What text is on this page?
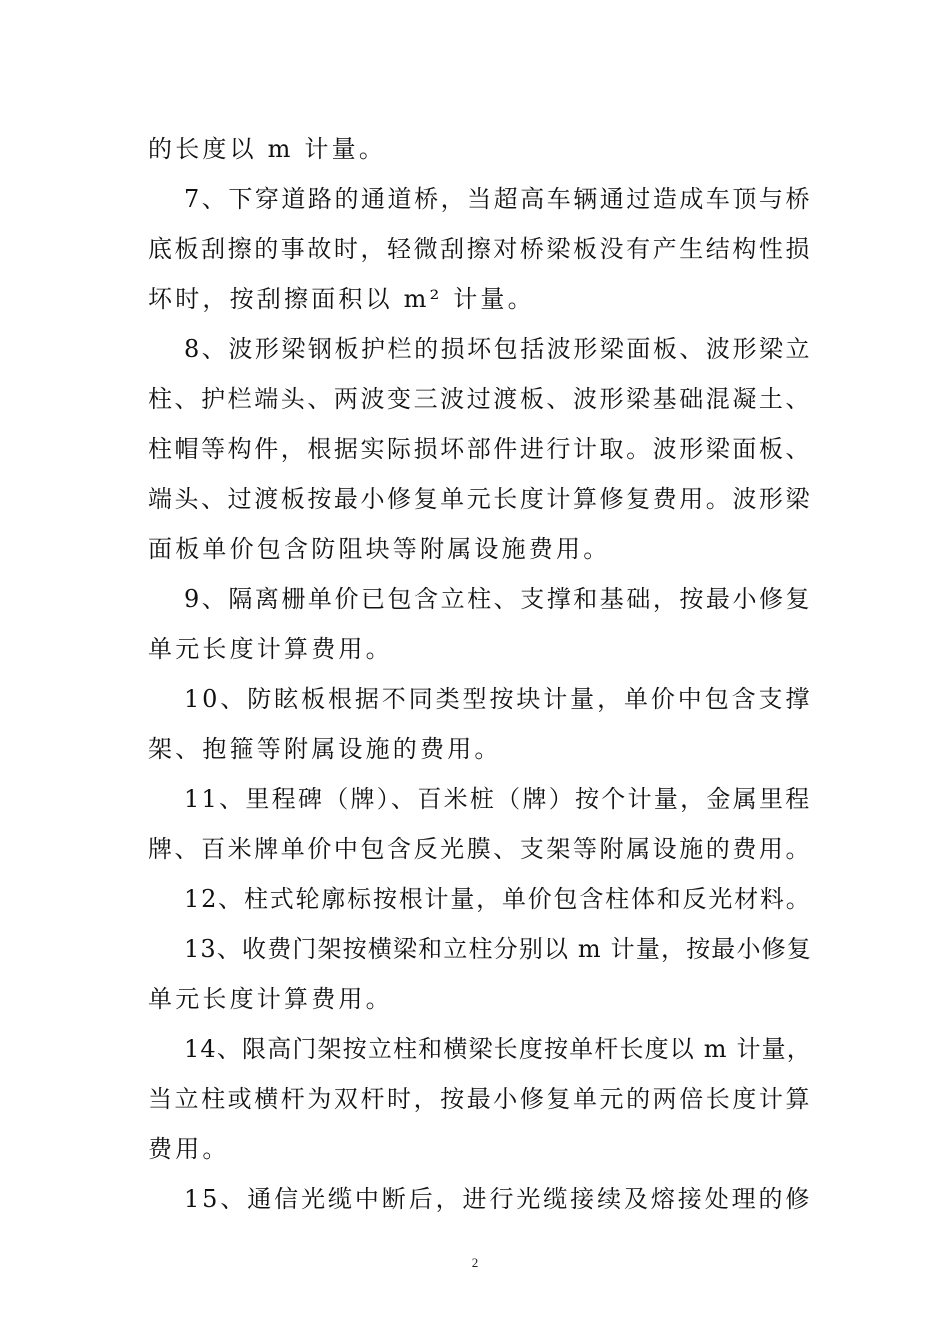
的长度以 m 计量。
7、下穿道路的通道桥，当超高车辆通过造成车顶与桥
底板刮擦的事故时，轻微刮擦对桥梁板没有产生结构性损
坏时，按刮擦面积以 m² 计量。
8、波形梁钢板护栏的损坏包括波形梁面板、波形梁立
柱、护栏端头、两波变三波过渡板、波形梁基础混凝土、
柱帽等构件，根据实际损坏部件进行计取。波形梁面板、
端头、过渡板按最小修复单元长度计算修复费用。波形梁
面板单价包含防阻块等附属设施费用。
9、隔离栅单价已包含立柱、支撑和基础，按最小修复
单元长度计算费用。
10、防眩板根据不同类型按块计量，单价中包含支撑
架、抱箍等附属设施的费用。
11、里程碑（牌）、百米桩（牌）按个计量，金属里程
牌、百米牌单价中包含反光膜、支架等附属设施的费用。
12、柱式轮廓标按根计量，单价包含柱体和反光材料。
13、收费门架按横梁和立柱分别以 m 计量，按最小修复
单元长度计算费用。
14、限高门架按立柱和横梁长度按单杆长度以 m 计量，
当立柱或横杆为双杆时，按最小修复单元的两倍长度计算
费用。
15、通信光缆中断后，进行光缆接续及熔接处理的修
2
